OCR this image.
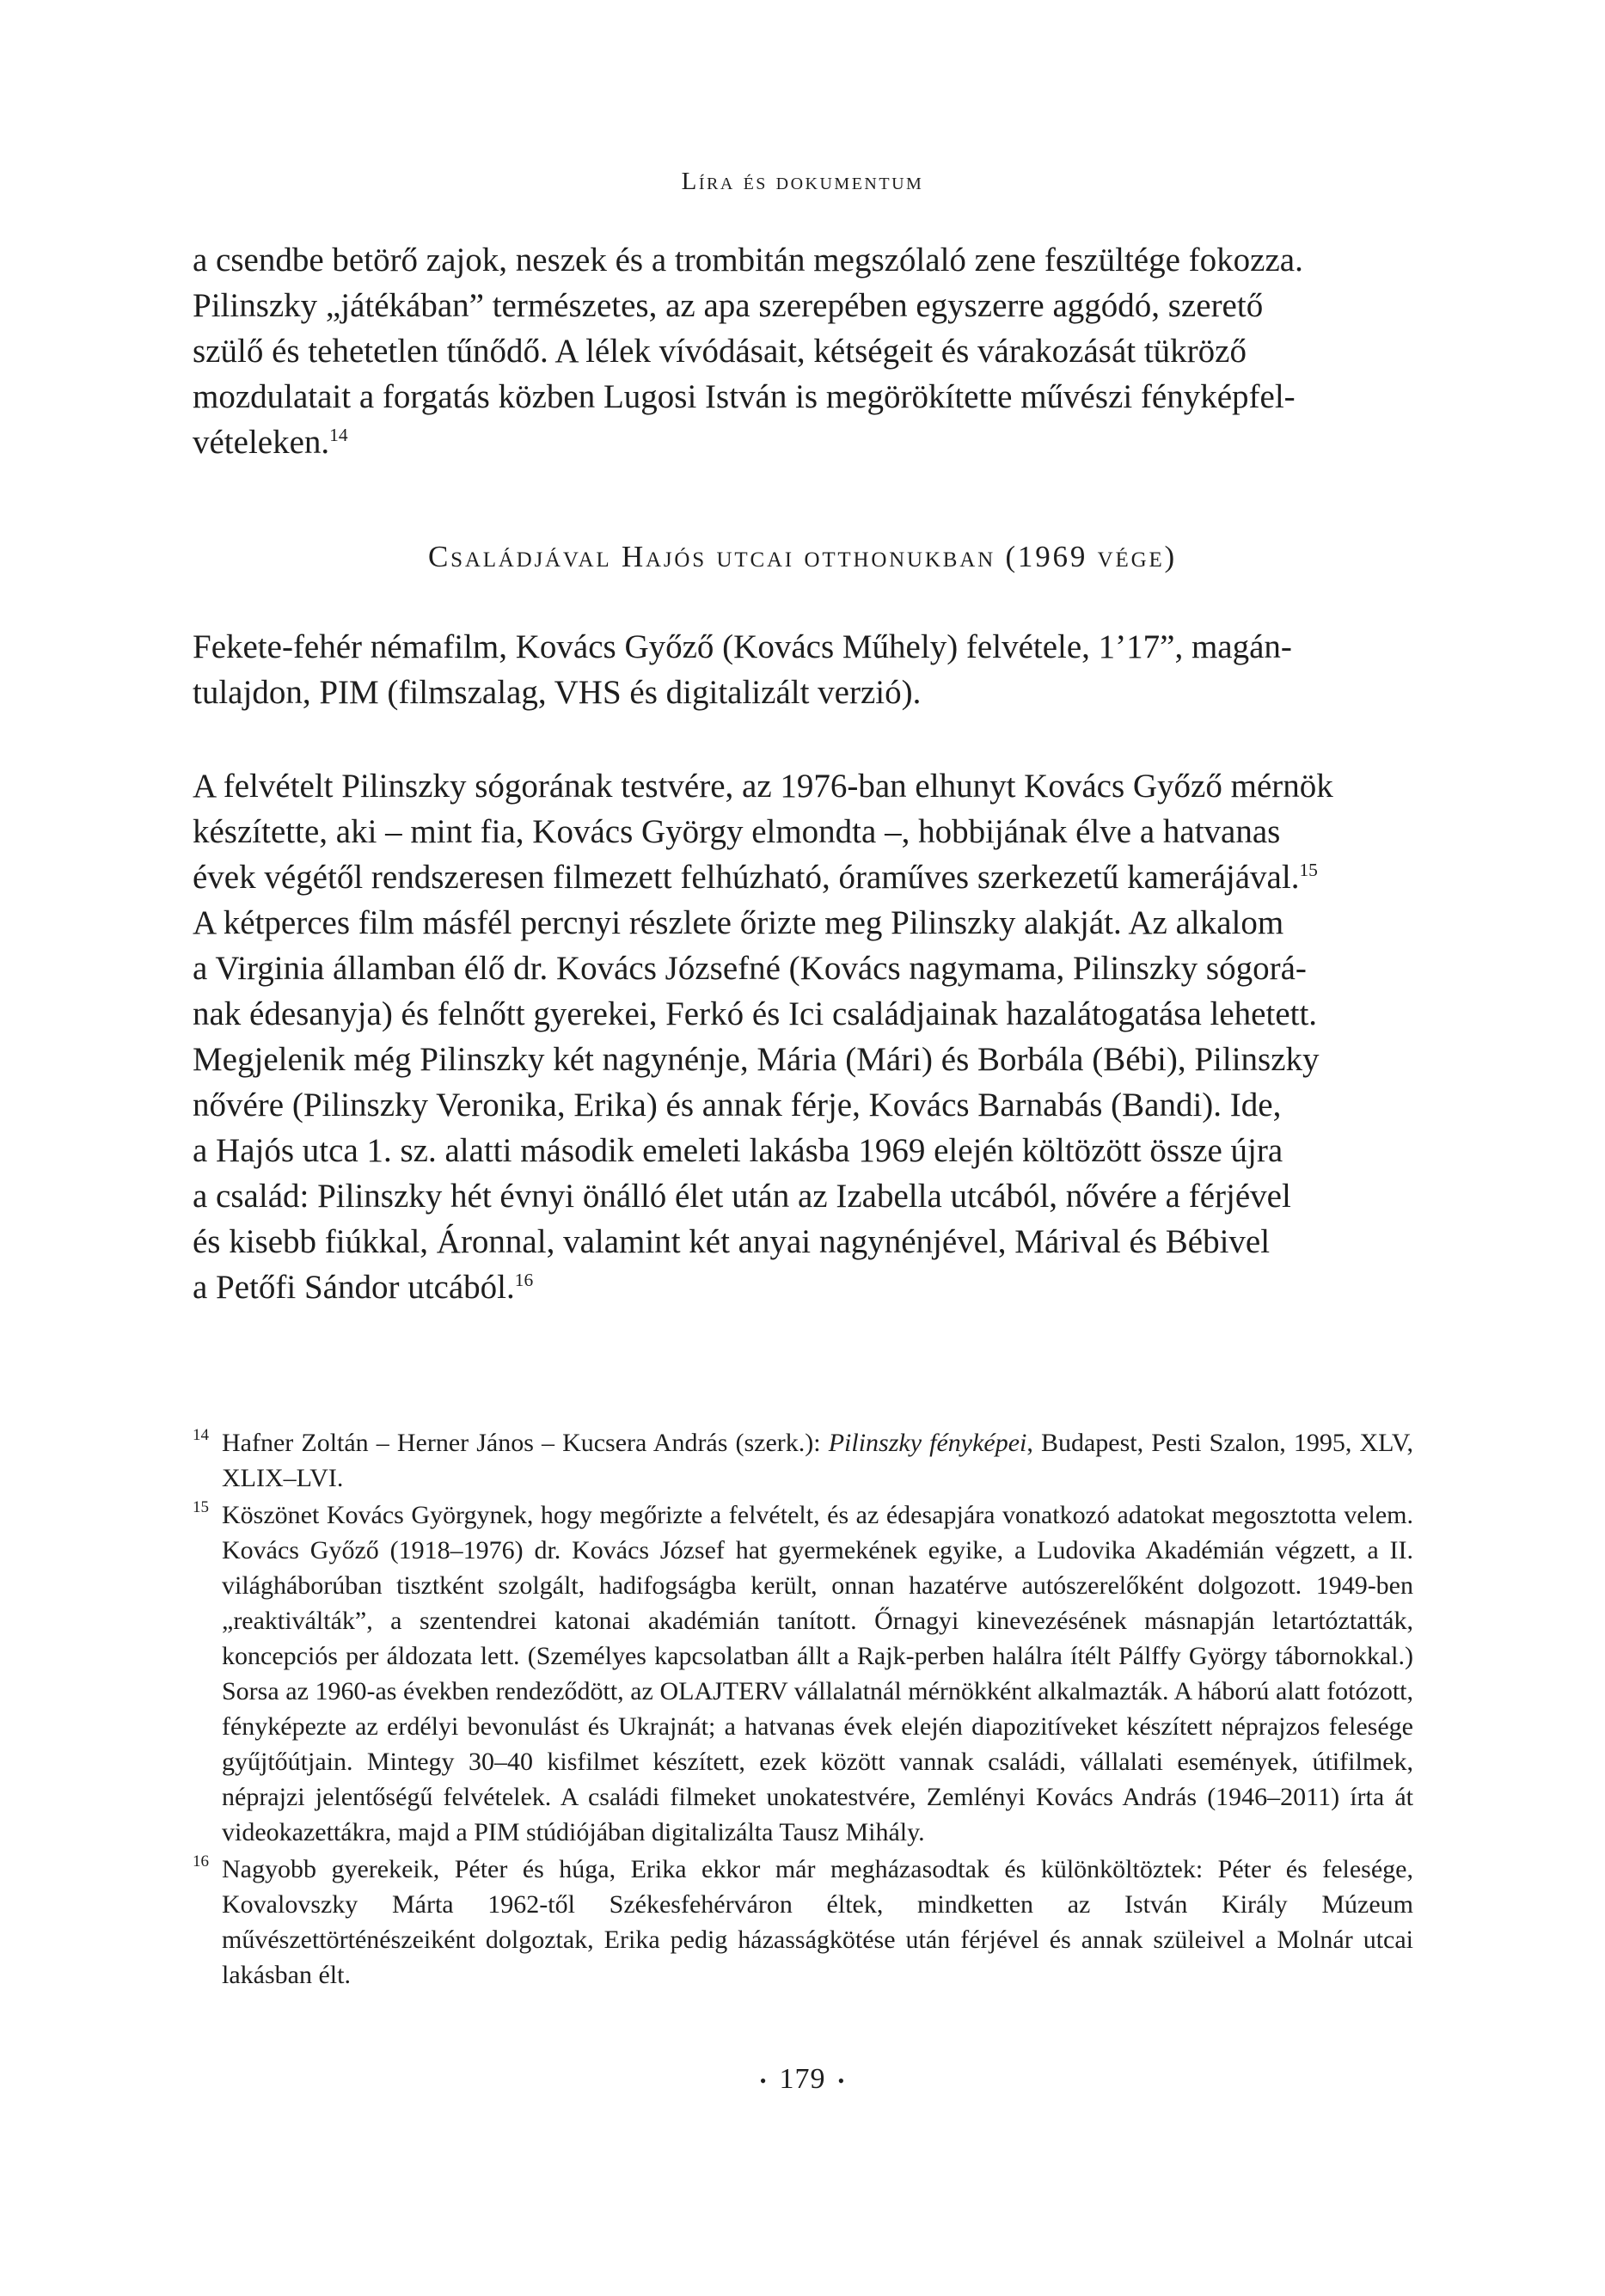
Líra és dokumentum

a csendbe betörő zajok, neszek és a trombitán megszólaló zene feszültége fokozza.
Pilinszky „játékában” természetes, az apa szerepében egyszerre aggódó, szerető
szülő és tehetetlen tűnődő. A lélek vívódásait, kétségeit és várakozását tükröző
mozdulatait a forgatás közben Lugosi István is megörökítette művészi fényképfel-
vételeken.$^{14}$

Családjával Hajós utcai otthonukban (1969 vége)

Fekete-fehér némafilm, Kovács Győző (Kovács Műhely) felvétele, 1’17”, magán-
tulajdon, PIM (filmszalag, VHS és digitalizált verzió).

A felvételt Pilinszky sógorának testvére, az 1976-ban elhunyt Kovács Győző mérnök
készítette, aki – mint fia, Kovács György elmondta –, hobbijának élve a hatvanas
évek végétől rendszeresen filmezett felhúzható, óraműves szerkezetű kamerájával.$^{15}$
A kétperces film másfél percnyi részlete őrizte meg Pilinszky alakját. Az alkalom
a Virginia államban élő dr. Kovács Józsefné (Kovács nagymama, Pilinszky sógorá-
nak édesanyja) és felnőtt gyerekei, Ferkó és Ici családjainak hazalátogatása lehetett.
Megjelenik még Pilinszky két nagynénje, Mária (Mári) és Borbála (Bébi), Pilinszky
nővére (Pilinszky Veronika, Erika) és annak férje, Kovács Barnabás (Bandi). Ide,
a Hajós utca 1. sz. alatti második emeleti lakásba 1969 elején költözött össze újra
a család: Pilinszky hét évnyi önálló élet után az Izabella utcából, nővére a férjével
és kisebb fiúkkal, Áronnal, valamint két anyai nagynénjével, Márival és Bébivel
a Petőfi Sándor utcából.$^{16}$

14 Hafner Zoltán – Herner János – Kucsera András (szerk.): Pilinszky fényképei, Budapest, Pesti Szalon, 1995, XLV, XLIX–LVI.
15 Köszönet Kovács Györgynek, hogy megőrizte a felvételt, és az édesapjára vonatkozó adatokat megosztotta velem. Kovács Győző (1918–1976) dr. Kovács József hat gyermekének egyike, a Ludovika Akadémián végzett, a II. világháborúban tisztként szolgált, hadifogságba került, onnan hazatérve autószerelőként dolgozott. 1949-ben „reaktiválták”, a szentendrei katonai akadémián tanított. Őrnagyi kinevezésének másnapján letartóztatták, koncepciós per áldozata lett. (Személyes kapcsolatban állt a Rajk-perben halálra ítélt Pálffy György tábornokkal.) Sorsa az 1960-as években rendeződött, az OLAJTERV vállalatnál mérnökként alkalmazták. A háború alatt fotózott, fényképezte az erdélyi bevonulást és Ukrajnát; a hatvanas évek elején diapozitíveket készített néprajzos felesége gyűjtőútjain. Mintegy 30–40 kisfilmet készített, ezek között vannak családi, vállalati események, útifilmek, néprajzi jelentőségű felvételek. A családi filmeket unokatestvére, Zemlényi Kovács András (1946–2011) írta át videokazettákra, majd a PIM stúdiójában digitalizálta Tausz Mihály.
16 Nagyobb gyerekeik, Péter és húga, Erika ekkor már megházasodtak és különköltöztek: Péter és felesége, Kovalovszky Márta 1962-től Székesfehérváron éltek, mindketten az István Király Múzeum művészettörténészeiként dolgoztak, Erika pedig házasságkötése után férjével és annak szüleivel a Molnár utcai lakásban élt.
• 179 •
